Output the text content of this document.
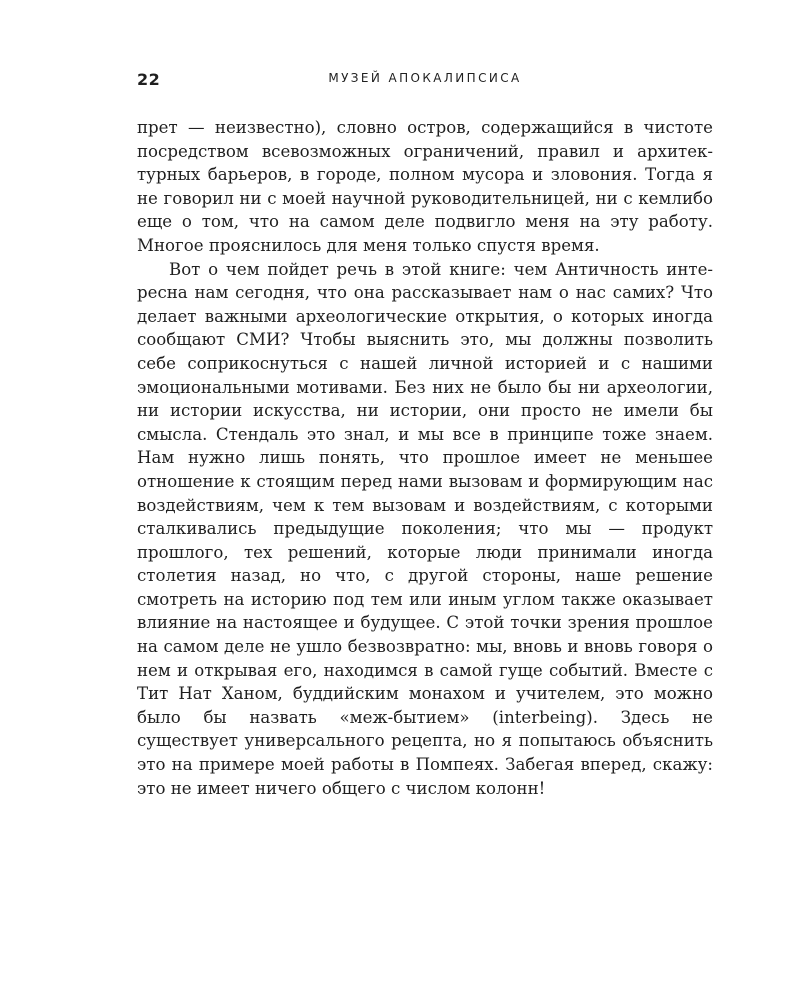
22	МУЗЕЙ АПОКАЛИПСИСА

прет — неизвестно), словно остров, содержащийся в чистоте посредством всевозможных ограничений, правил и архитектурных барьеров, в городе, полном мусора и зловония. Тогда я не говорил ни с моей научной руководительницей, ни с кемлибо еще о том, что на самом деле подвигло меня на эту работу. Многое прояснилось для меня только спустя время.

Вот о чем пойдет речь в этой книге: чем Античность интересна нам сегодня, что она рассказывает нам о нас самих? Что делает важными археологические открытия, о которых иногда сообщают СМИ? Чтобы выяснить это, мы должны позволить себе соприкоснуться с нашей личной историей и с нашими эмоциональными мотивами. Без них не было бы ни археологии, ни истории искусства, ни истории, они просто не имели бы смысла. Стендаль это знал, и мы все в принципе тоже знаем. Нам нужно лишь понять, что прошлое имеет не меньшее отношение к стоящим перед нами вызовам и формирующим нас воздействиям, чем к тем вызовам и воздействиям, с которыми сталкивались предыдущие поколения; что мы — продукт прошлого, тех решений, которые люди принимали иногда столетия назад, но что, с другой стороны, наше решение смотреть на историю под тем или иным углом также оказывает влияние на настоящее и будущее. С этой точки зрения прошлое на самом деле не ушло безвозвратно: мы, вновь и вновь говоря о нем и открывая его, находимся в самой гуще событий. Вместе с Тит Нат Ханом, буддийским монахом и учителем, это можно было бы назвать «меж-бытием» (interbeing). Здесь не существует универсального рецепта, но я попытаюсь объяснить это на примере моей работы в Помпеях. Забегая вперед, скажу: это не имеет ничего общего с числом колонн!
